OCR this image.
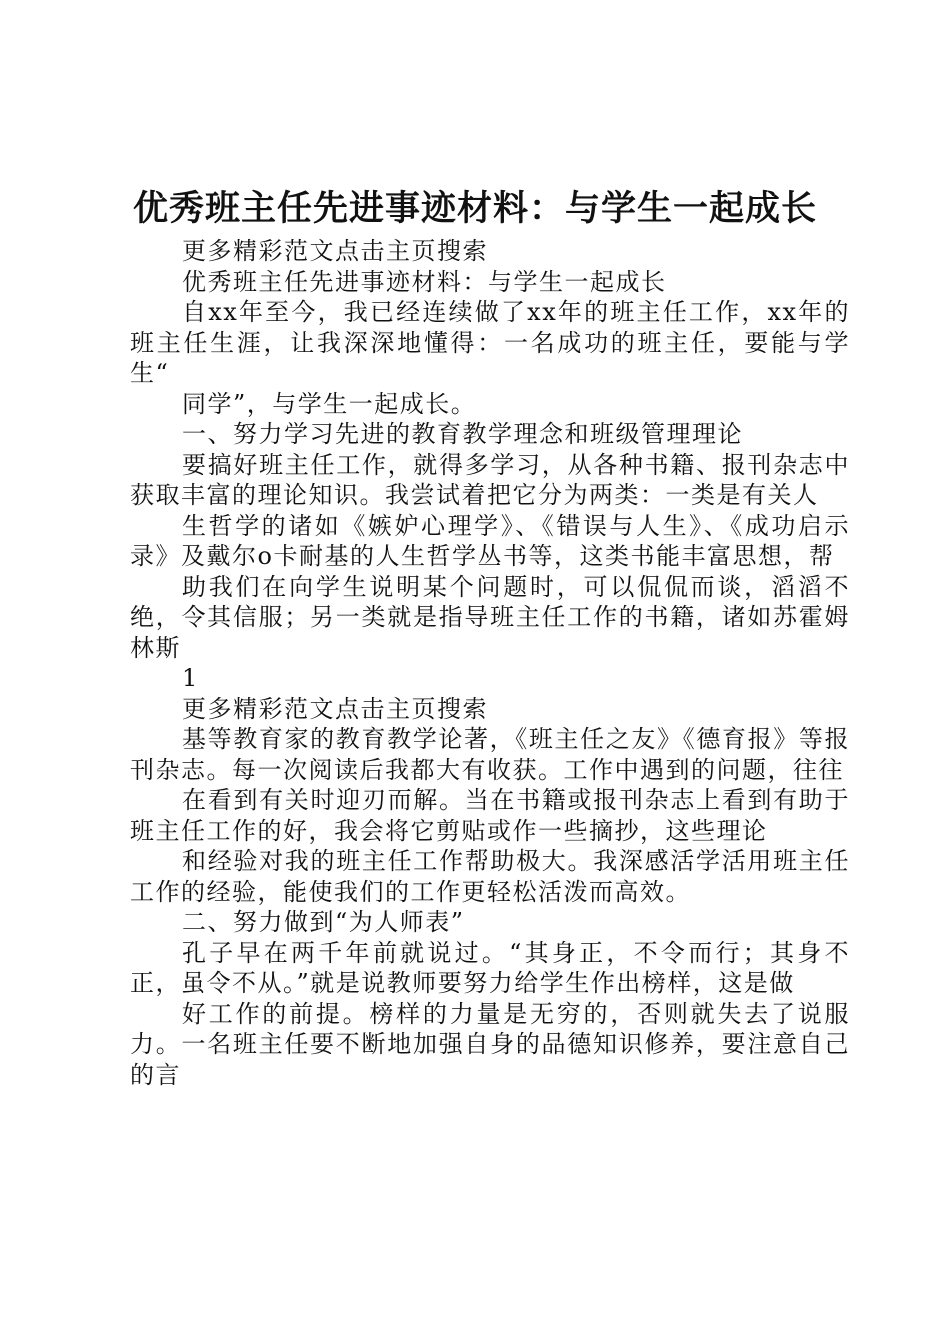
优秀班主任先进事迹材料：与学生一起成长

更多精彩范文点击主页搜索

优秀班主任先进事迹材料：与学生一起成长

自xx年至今，我已经连续做了xx年的班主任工作，xx年的班主任生涯，让我深深地懂得：一名成功的班主任，要能与学生“

同学”，与学生一起成长。

一、努力学习先进的教育教学理念和班级管理理论

要搞好班主任工作，就得多学习，从各种书籍、报刊杂志中获取丰富的理论知识。我尝试着把它分为两类：一类是有关人

生哲学的诸如《嫉妒心理学》、《错误与人生》、《成功启示录》及戴尔o卡耐基的人生哲学丛书等，这类书能丰富思想，帮

助我们在向学生说明某个问题时，可以侃侃而谈，滔滔不绝，令其信服；另一类就是指导班主任工作的书籍，诸如苏霍姆林斯

1

更多精彩范文点击主页搜索

基等教育家的教育教学论著，《班主任之友》《德育报》等报刊杂志。每一次阅读后我都大有收获。工作中遇到的问题，往往

在看到有关时迎刃而解。当在书籍或报刊杂志上看到有助于班主任工作的好，我会将它剪贴或作一些摘抄，这些理论

和经验对我的班主任工作帮助极大。我深感活学活用班主任工作的经验，能使我们的工作更轻松活泼而高效。

二、努力做到“为人师表”

孔子早在两千年前就说过。“其身正，不令而行；其身不正，虽令不从。”就是说教师要努力给学生作出榜样，这是做

好工作的前提。榜样的力量是无穷的，否则就失去了说服力。一名班主任要不断地加强自身的品德知识修养，要注意自己的言
